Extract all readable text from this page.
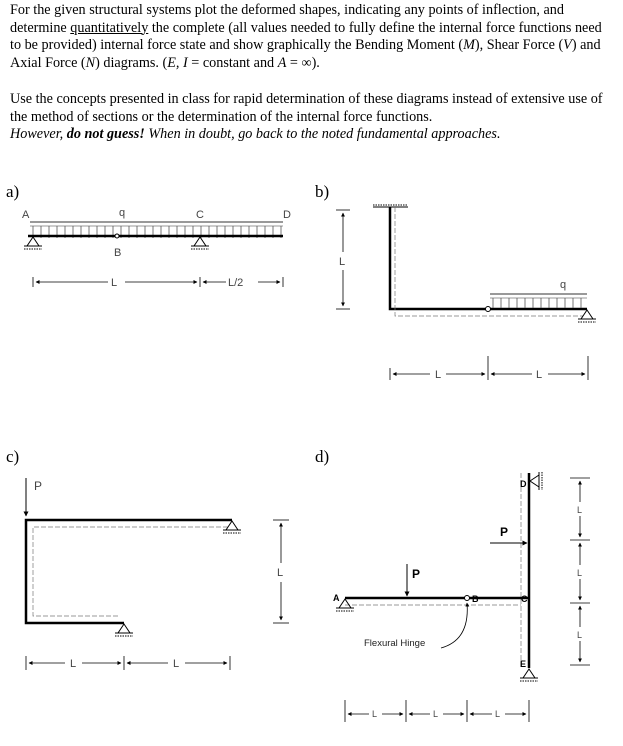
For the given structural systems plot the deformed shapes, indicating any points of inflection, and determine quantitatively the complete (all values needed to fully define the internal force functions need to be provided) internal force state and show graphically the Bending Moment (M), Shear Force (V) and Axial Force (N) diagrams. (E, I = constant and A = ∞).
Use the concepts presented in class for rapid determination of these diagrams instead of extensive use of the method of sections or the determination of the internal force functions.
However, do not guess! When in doubt, go back to the noted fundamental approaches.
a)
A	q	C	D
B
L	L/2
b)
L
q
L	L
c)
P
L
L	L
d)
A	B	C
D
E
P
P
Flexural Hinge
L	L	L
L
L
L
